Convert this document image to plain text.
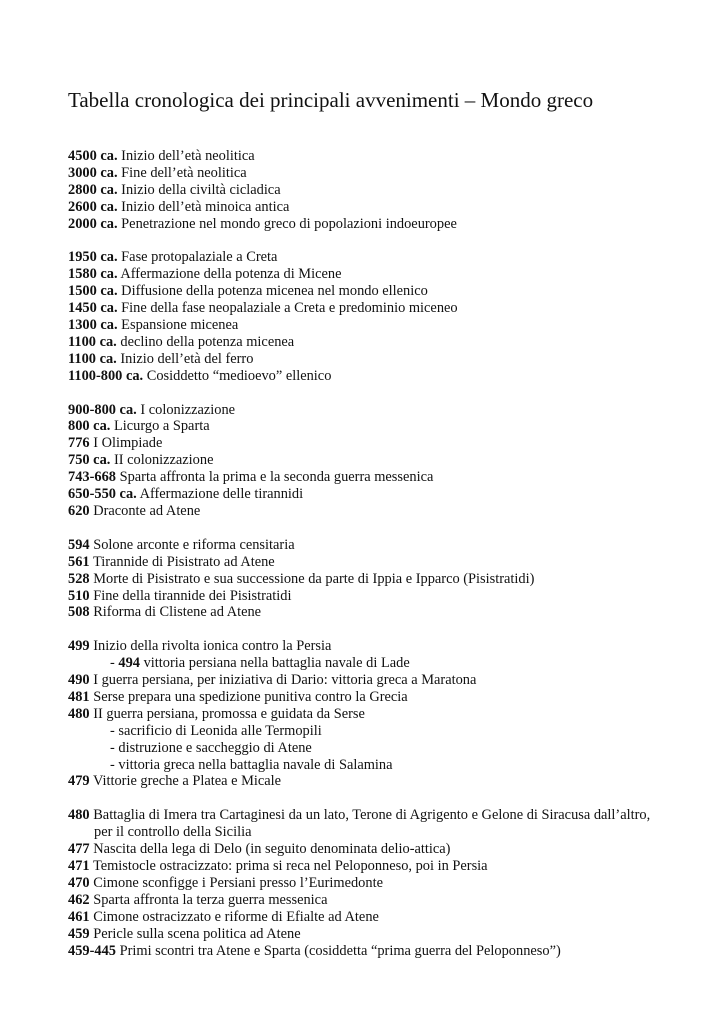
Tabella cronologica dei principali avvenimenti – Mondo greco
4500 ca. Inizio dell’età neolitica
3000 ca. Fine dell’età neolitica
2800 ca. Inizio della civiltà cicladica
2600 ca. Inizio dell’età minoica antica
2000 ca. Penetrazione nel mondo greco di popolazioni indoeuropee
1950 ca. Fase protopalaziale a Creta
1580 ca. Affermazione della potenza di Micene
1500 ca. Diffusione della potenza micenea nel mondo ellenico
1450 ca. Fine della fase neopalaziale a Creta e predominio miceneo
1300 ca. Espansione micenea
1100 ca. declino della potenza micenea
1100 ca. Inizio dell’età del ferro
1100-800 ca. Cosiddetto “medioevo” ellenico
900-800 ca. I colonizzazione
800 ca. Licurgo a Sparta
776 I Olimpiade
750 ca. II colonizzazione
743-668 Sparta affronta la prima e la seconda guerra messenica
650-550 ca. Affermazione delle tirannidi
620 Draconte ad Atene
594 Solone arconte e riforma censitaria
561 Tirannide di Pisistrato ad Atene
528 Morte di Pisistrato e sua successione da parte di Ippia e Ipparco (Pisistratidi)
510 Fine della tirannide dei Pisistratidi
508 Riforma di Clistene ad Atene
499 Inizio della rivolta ionica contro la Persia
- 494 vittoria persiana nella battaglia navale di Lade
490 I guerra persiana, per iniziativa di Dario: vittoria greca a Maratona
481 Serse prepara una spedizione punitiva contro la Grecia
480 II guerra persiana, promossa e guidata da Serse
- sacrificio di Leonida alle Termopili
- distruzione e saccheggio di Atene
- vittoria greca nella battaglia navale di Salamina
479 Vittorie greche a Platea e Micale
480 Battaglia di Imera tra Cartaginesi da un lato, Terone di Agrigento e Gelone di Siracusa dall’altro, per il controllo della Sicilia
477 Nascita della lega di Delo (in seguito denominata delio-attica)
471 Temistocle ostracizzato: prima si reca nel Peloponneso, poi in Persia
470 Cimone sconfigge i Persiani presso l’Eurimedonte
462 Sparta affronta la terza guerra messenica
461 Cimone ostracizzato e riforme di Efialte ad Atene
459 Pericle sulla scena politica ad Atene
459-445 Primi scontri tra Atene e Sparta (cosiddetta “prima guerra del Peloponneso”)
